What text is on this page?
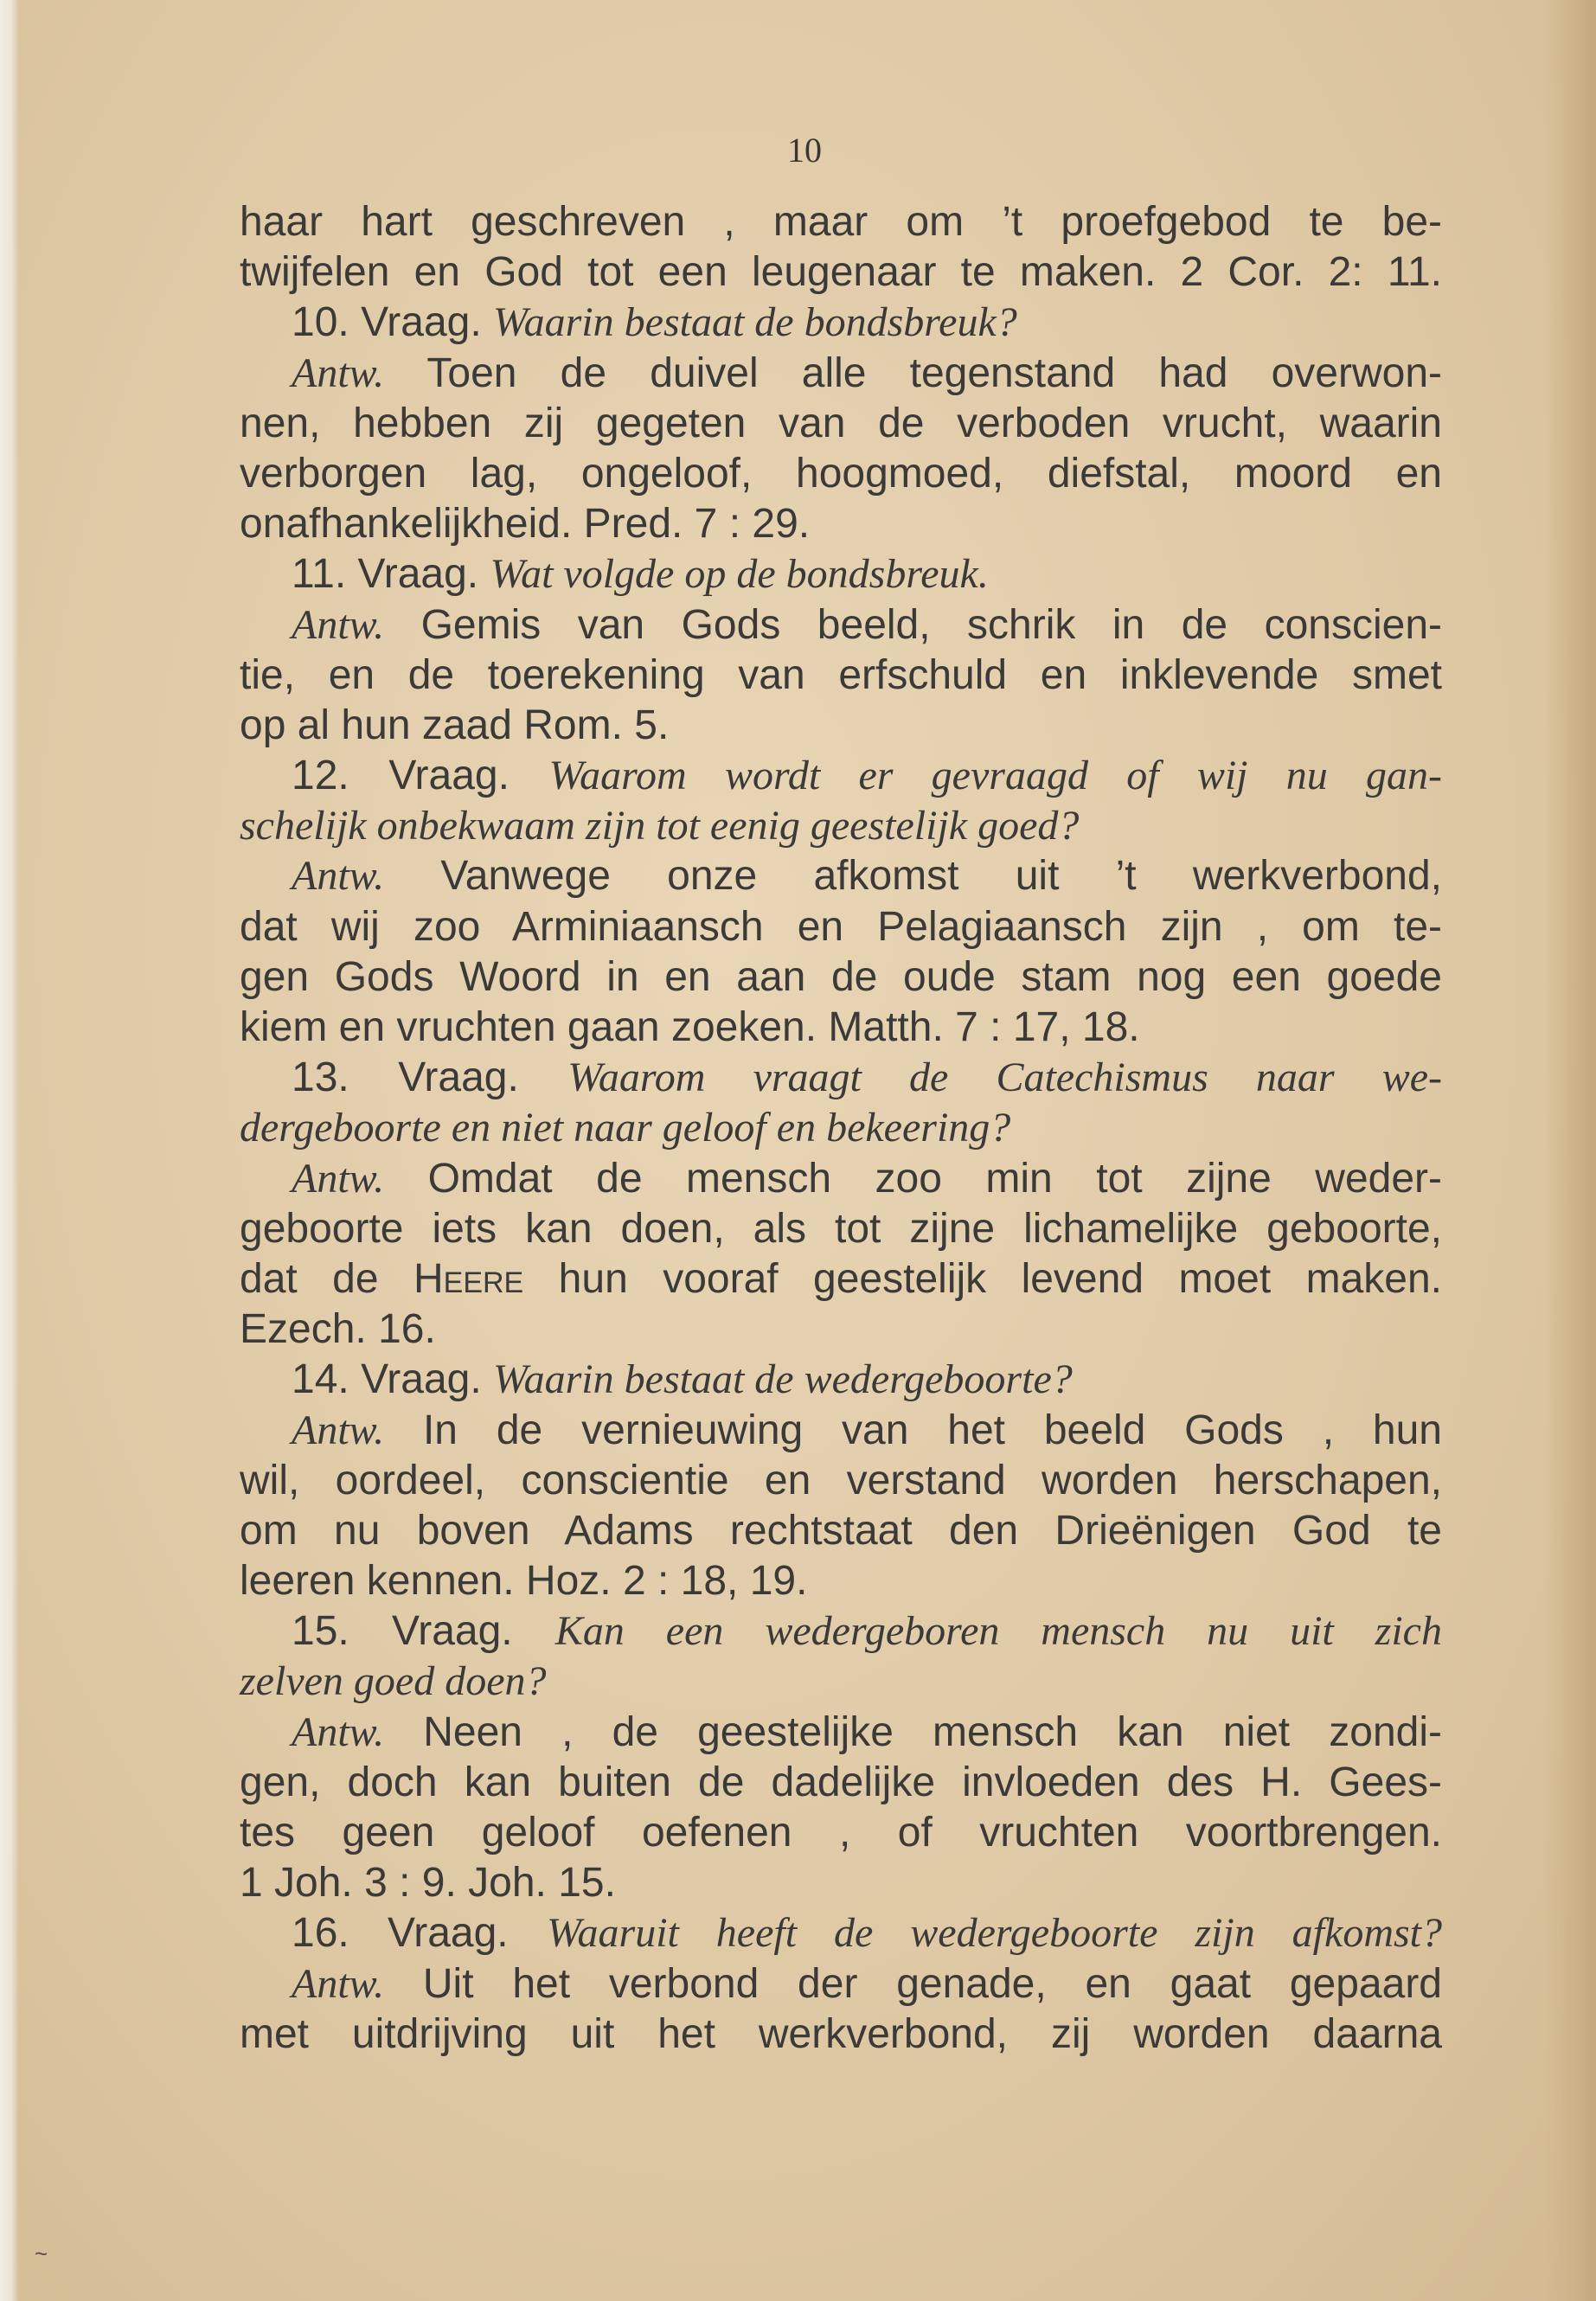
10
haar hart geschreven , maar om ’t proefgebod te be-
twijfelen en God tot een leugenaar te maken. 2 Cor. 2: 11.
10. Vraag. Waarin bestaat de bondsbreuk?
Antw. Toen de duivel alle tegenstand had overwon-
nen, hebben zij gegeten van de verboden vrucht, waarin
verborgen lag, ongeloof, hoogmoed, diefstal, moord en
onafhankelijkheid. Pred. 7 : 29.
11. Vraag. Wat volgde op de bondsbreuk.
Antw. Gemis van Gods beeld, schrik in de conscien-
tie, en de toerekening van erfschuld en inklevende smet
op al hun zaad Rom. 5.
12. Vraag. Waarom wordt er gevraagd of wij nu gan-
schelijk onbekwaam zijn tot eenig geestelijk goed?
Antw. Vanwege onze afkomst uit ’t werkverbond,
dat wij zoo Arminiaansch en Pelagiaansch zijn , om te-
gen Gods Woord in en aan de oude stam nog een goede
kiem en vruchten gaan zoeken. Matth. 7 : 17, 18.
13. Vraag. Waarom vraagt de Catechismus naar we-
dergeboorte en niet naar geloof en bekeering?
Antw. Omdat de mensch zoo min tot zijne weder-
geboorte iets kan doen, als tot zijne lichamelijke geboorte,
dat de Heere hun vooraf geestelijk levend moet maken.
Ezech. 16.
14. Vraag. Waarin bestaat de wedergeboorte?
Antw. In de vernieuwing van het beeld Gods , hun
wil, oordeel, conscientie en verstand worden herschapen,
om nu boven Adams rechtstaat den Drieënigen God te
leeren kennen. Hoz. 2 : 18, 19.
15. Vraag. Kan een wedergeboren mensch nu uit zich
zelven goed doen?
Antw. Neen , de geestelijke mensch kan niet zondi-
gen, doch kan buiten de dadelijke invloeden des H. Gees-
tes geen geloof oefenen , of vruchten voortbrengen.
1 Joh. 3 : 9. Joh. 15.
16. Vraag. Waaruit heeft de wedergeboorte zijn afkomst?
Antw. Uit het verbond der genade, en gaat gepaard
met uitdrijving uit het werkverbond, zij worden daarna
~
